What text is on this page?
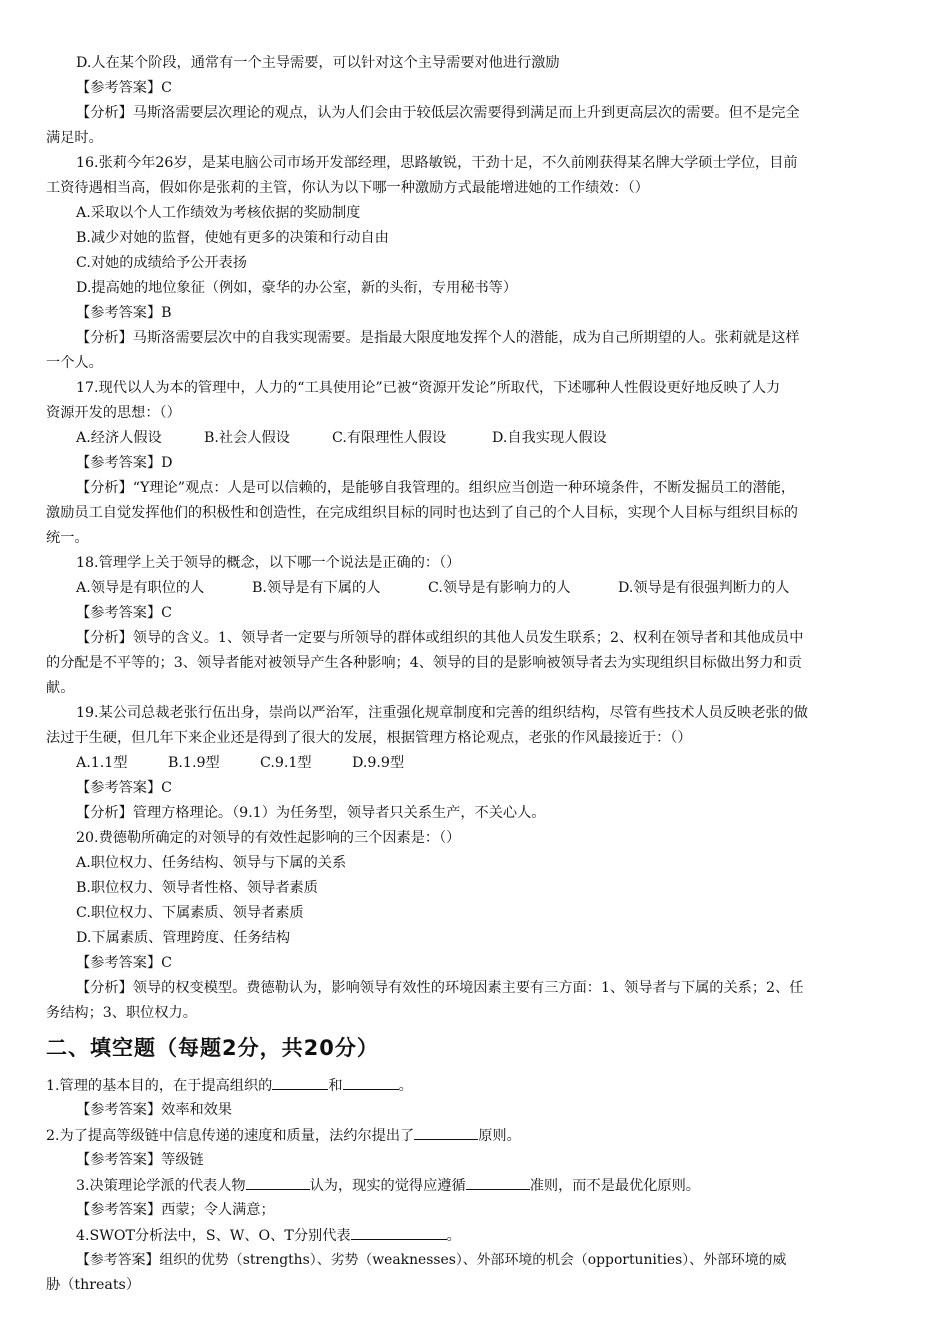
D.人在某个阶段，通常有一个主导需要，可以针对这个主导需要对他进行激励
【参考答案】C
【分析】马斯洛需要层次理论的观点，认为人们会由于较低层次需要得到满足而上升到更高层次的需要。但不是完全
满足时。
16.张莉今年26岁，是某电脑公司市场开发部经理，思路敏锐，干劲十足，不久前刚获得某名牌大学硕士学位，目前
工资待遇相当高，假如你是张莉的主管，你认为以下哪一种激励方式最能增进她的工作绩效：（）
A.采取以个人工作绩效为考核依据的奖励制度
B.减少对她的监督，使她有更多的决策和行动自由
C.对她的成绩给予公开表扬
D.提高她的地位象征（例如，豪华的办公室，新的头衔，专用秘书等）
【参考答案】B
【分析】马斯洛需要层次中的自我实现需要。是指最大限度地发挥个人的潜能，成为自己所期望的人。张莉就是这样
一个人。
17.现代以人为本的管理中，人力的“工具使用论”已被“资源开发论”所取代，下述哪种人性假设更好地反映了人力
资源开发的思想：（）
【参考答案】D
【分析】“Y理论”观点：人是可以信赖的，是能够自我管理的。组织应当创造一种环境条件，不断发掘员工的潜能，
激励员工自觉发挥他们的积极性和创造性，在完成组织目标的同时也达到了自己的个人目标，实现个人目标与组织目标的
统一。
18.管理学上关于领导的概念，以下哪一个说法是正确的：（）
【参考答案】C
【分析】领导的含义。1、领导者一定要与所领导的群体或组织的其他人员发生联系；2、权利在领导者和其他成员中
的分配是不平等的；3、领导者能对被领导产生各种影响；4、领导的目的是影响被领导者去为实现组织目标做出努力和贡
献。
19.某公司总裁老张行伍出身，崇尚以严治军，注重强化规章制度和完善的组织结构，尽管有些技术人员反映老张的做
法过于生硬，但几年下来企业还是得到了很大的发展，根据管理方格论观点，老张的作风最接近于：（）
【参考答案】C
【分析】管理方格理论。（9.1）为任务型，领导者只关系生产，不关心人。
20.费德勒所确定的对领导的有效性起影响的三个因素是：（）
A.职位权力、任务结构、领导与下属的关系
B.职位权力、领导者性格、领导者素质
C.职位权力、下属素质、领导者素质
D.下属素质、管理跨度、任务结构
【参考答案】C
【分析】领导的权变模型。费德勒认为，影响领导有效性的环境因素主要有三方面：1、领导者与下属的关系；2、任
务结构；3、职位权力。
A.经济人假设	B.社会人假设	C.有限理性人假设	D.自我实现人假设
A.领导是有职位的人	B.领导是有下属的人	C.领导是有影响力的人	D.领导是有很强判断力的人
A.1.1型	B.1.9型	C.9.1型	D.9.9型
二、填空题（每题2分，共20分）
1.管理的基本目的，在于提高组织的	和	。
【参考答案】效率和效果
2.为了提高等级链中信息传递的速度和质量，法约尔提出了	原则。
【参考答案】等级链
3.决策理论学派的代表人物	认为，现实的觉得应遵循	准则，而不是最优化原则。
【参考答案】西蒙；令人满意；
4.SWOT分析法中，S、W、O、T分别代表	。
【参考答案】组织的优势（strengths）、劣势（weaknesses）、外部环境的机会（opportunities）、外部环境的威
胁（threats）
